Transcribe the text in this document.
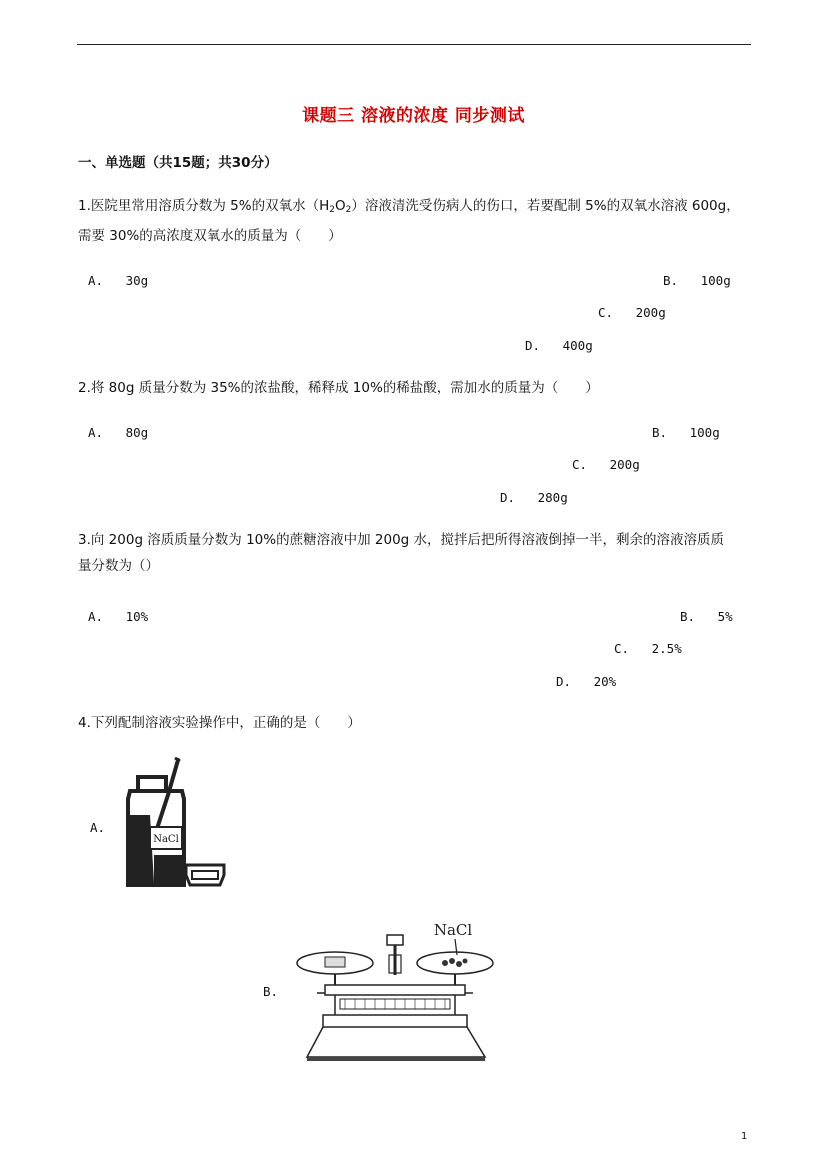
课题三 溶液的浓度 同步测试
一、单选题（共15题；共30分）
1.医院里常用溶质分数为 5%的双氧水$(H_2O_2)$溶液清洗受伤病人的伤口，若要配制 5%的双氧水溶液 600g，
需要 30%的高浓度双氧水的质量为（　　）
A.   30g	B.   100g
C.   200g
D.   400g
2.将 80g 质量分数为 35%的浓盐酸，稀释成 10%的稀盐酸，需加水的质量为（　　）
A.   80g	B.   100g
C.   200g
D.   280g
3.向 200g 溶质质量分数为 10%的蔗糖溶液中加 200g 水，搅拌后把所得溶液倒掉一半，剩余的溶液溶质质
量分数为（）
A.   10%	B.   5%
C.   2.5%
D.   20%
4.下列配制溶液实验操作中，正确的是（　　）
A.
NaCl
B.
NaCl
1
